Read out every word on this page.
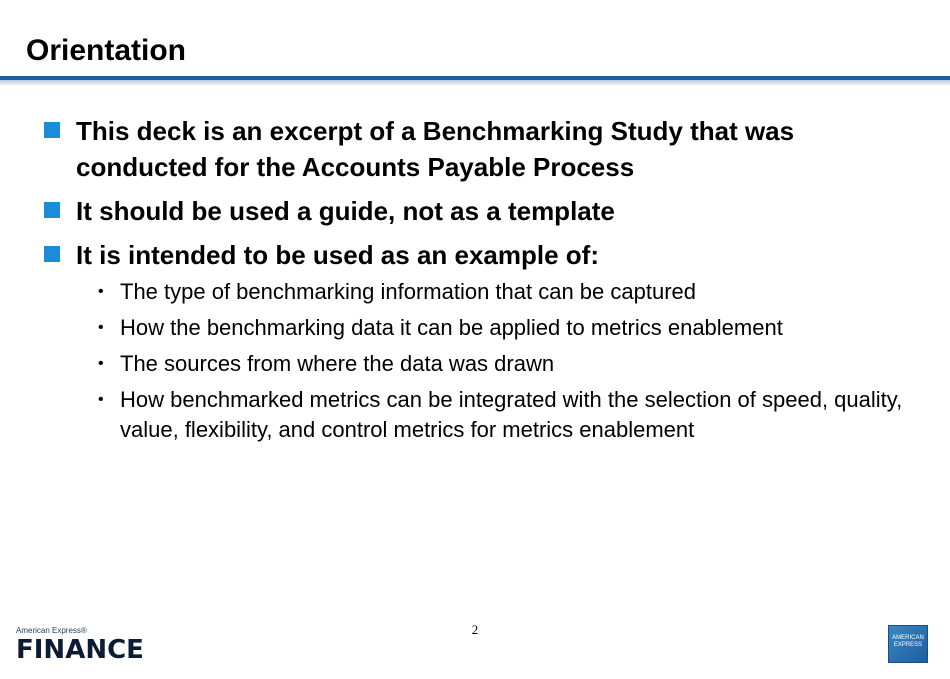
Orientation
This deck is an excerpt of a Benchmarking Study that was conducted for the Accounts Payable Process
It should be used a guide, not as a template
It is intended to be used as an example of:
• The type of benchmarking information that can be captured
• How the benchmarking data it can be applied to metrics enablement
• The sources from where the data was drawn
• How benchmarked metrics can be integrated with the selection of speed, quality, value, flexibility, and control metrics for metrics enablement
2
American Express®
FINANCE	AMERICAN
EXPRESS
